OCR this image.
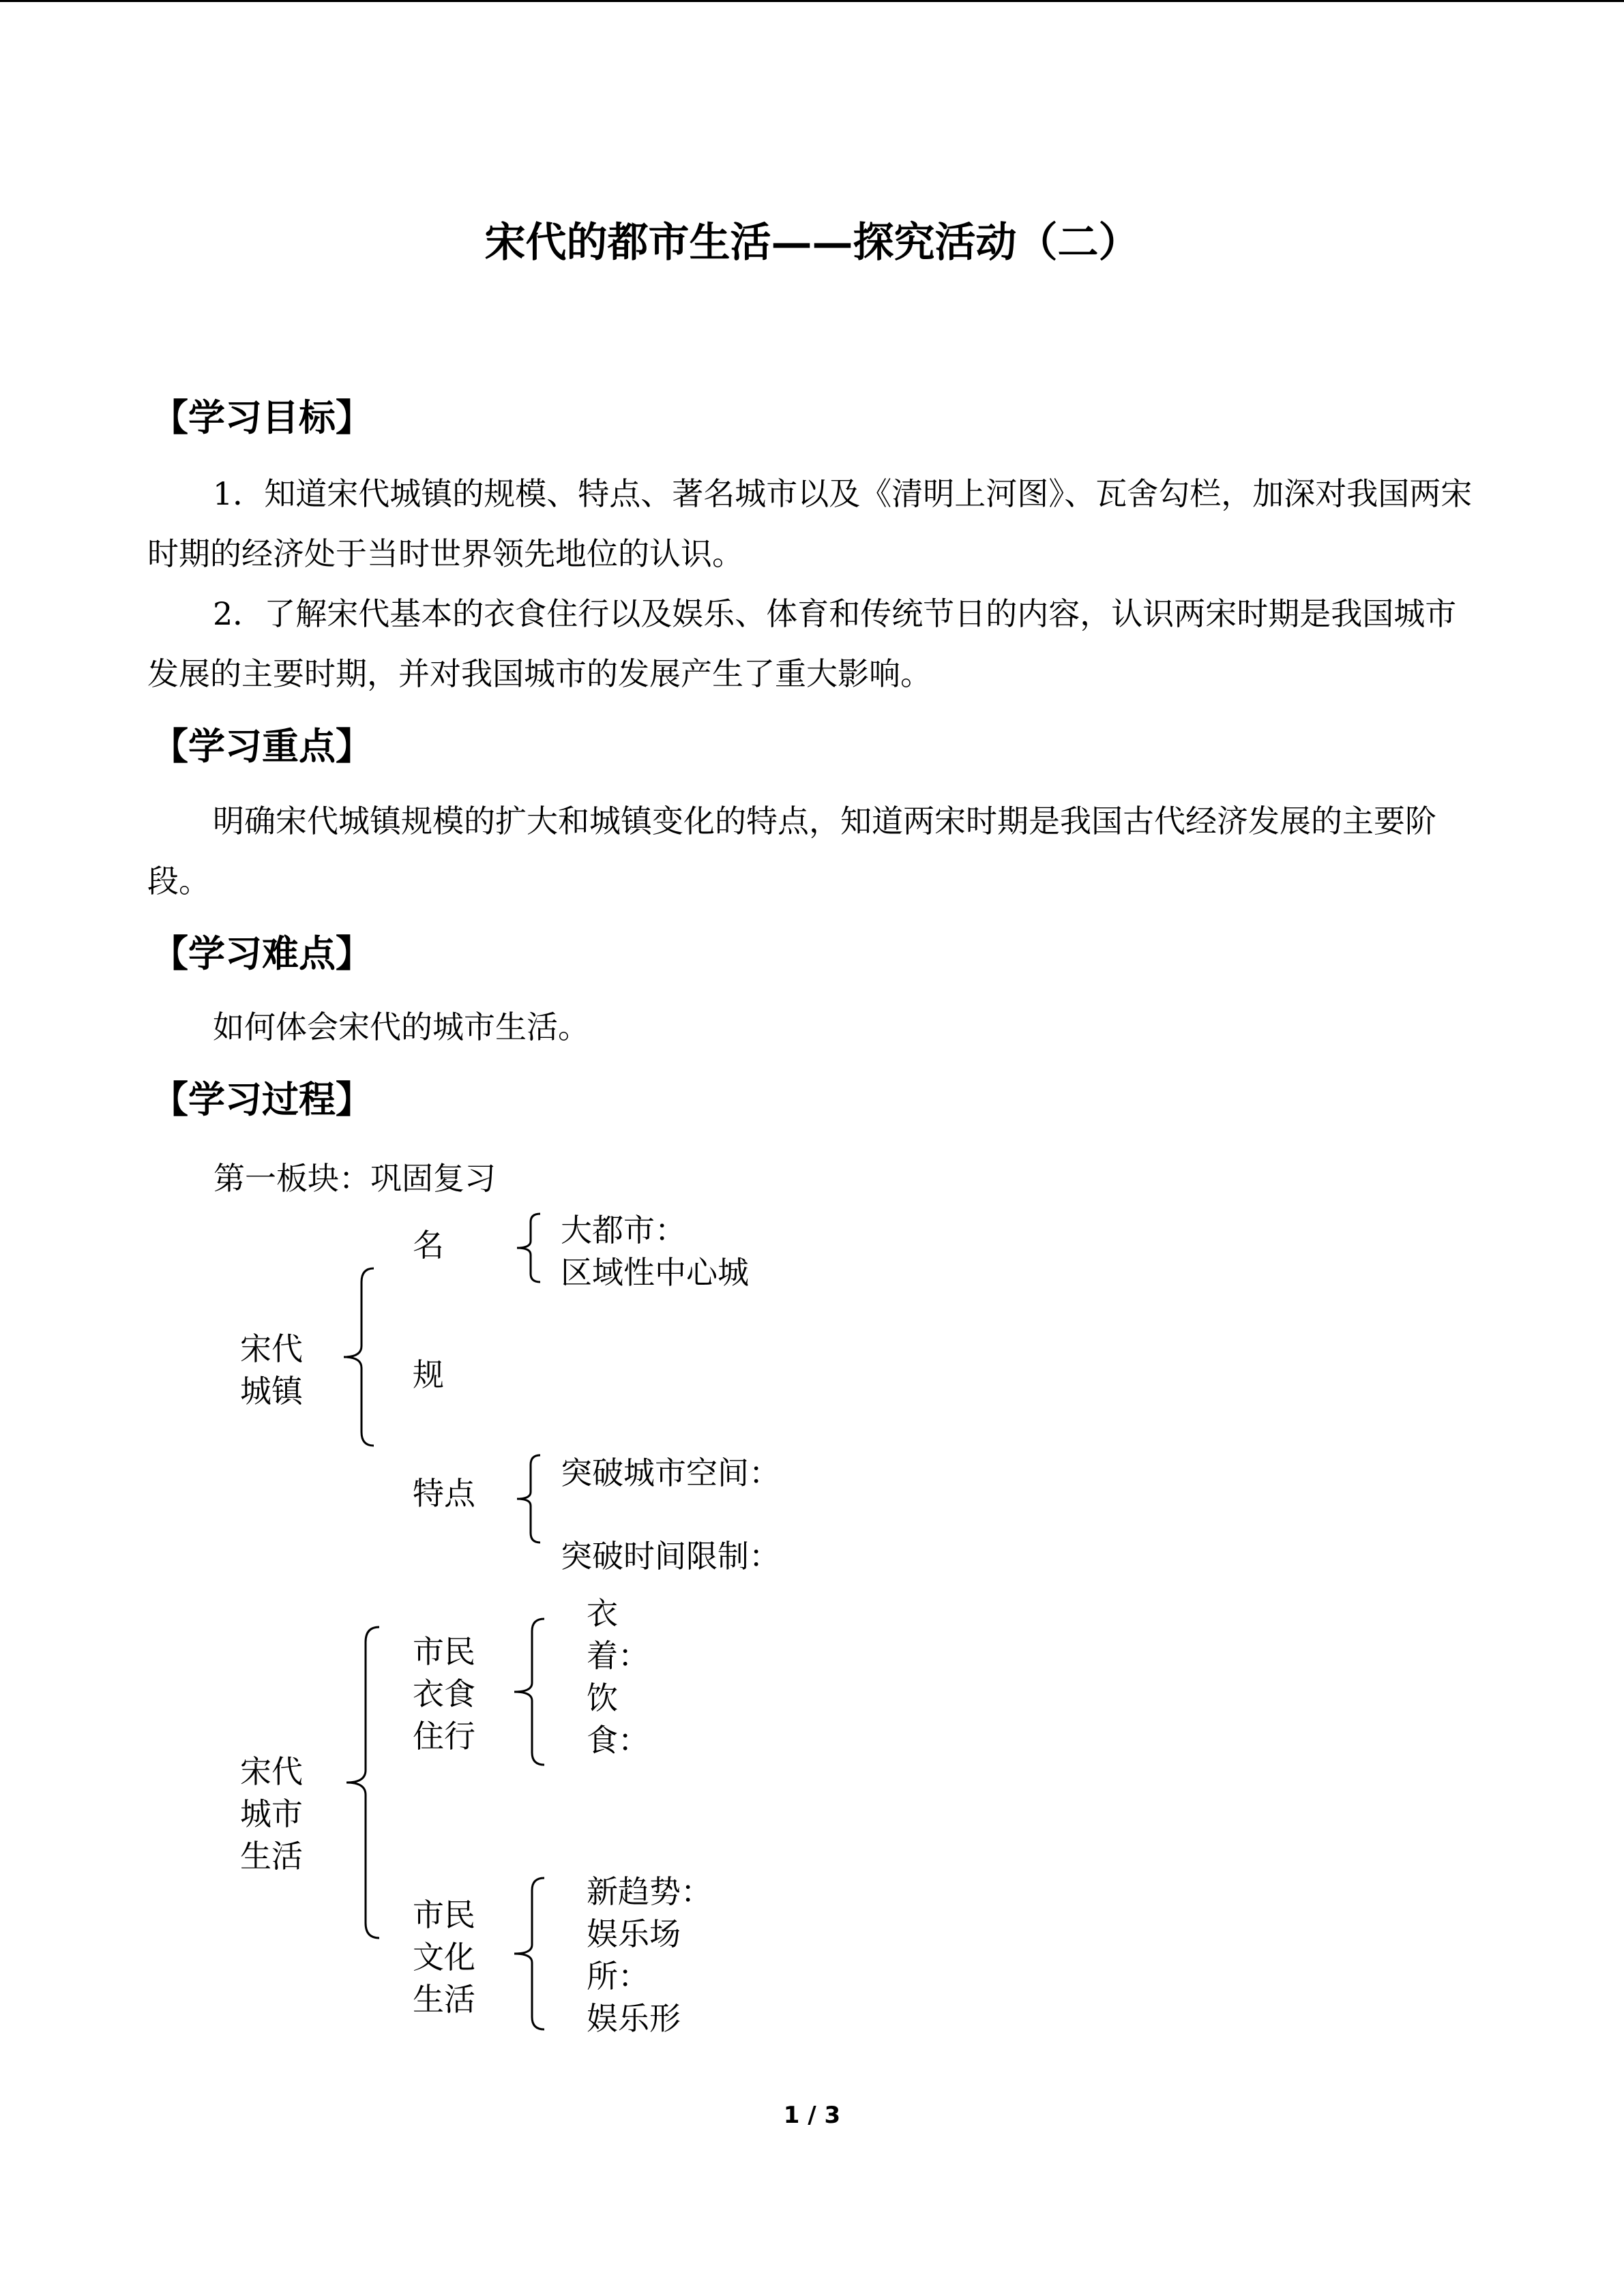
宋代的都市生活——探究活动（二）
【学习目标】
1．知道宋代城镇的规模、特点、著名城市以及《清明上河图》、瓦舍勾栏，加深对我国两宋时期的经济处于当时世界领先地位的认识。
2．了解宋代基本的衣食住行以及娱乐、体育和传统节日的内容，认识两宋时期是我国城市发展的主要时期，并对我国城市的发展产生了重大影响。
【学习重点】
明确宋代城镇规模的扩大和城镇变化的特点，知道两宋时期是我国古代经济发展的主要阶段。
【学习难点】
如何体会宋代的城市生活。
【学习过程】
第一板块：巩固复习
宋代
城镇
名	大都市：
区域性中心城
规
特点
突破城市空间：
突破时间限制：
宋代
城市
生活
市民
衣食
住行
衣
着：
饮
食：
市民
文化
生活
新趋势：
娱乐场
所：
娱乐形
1 / 3
